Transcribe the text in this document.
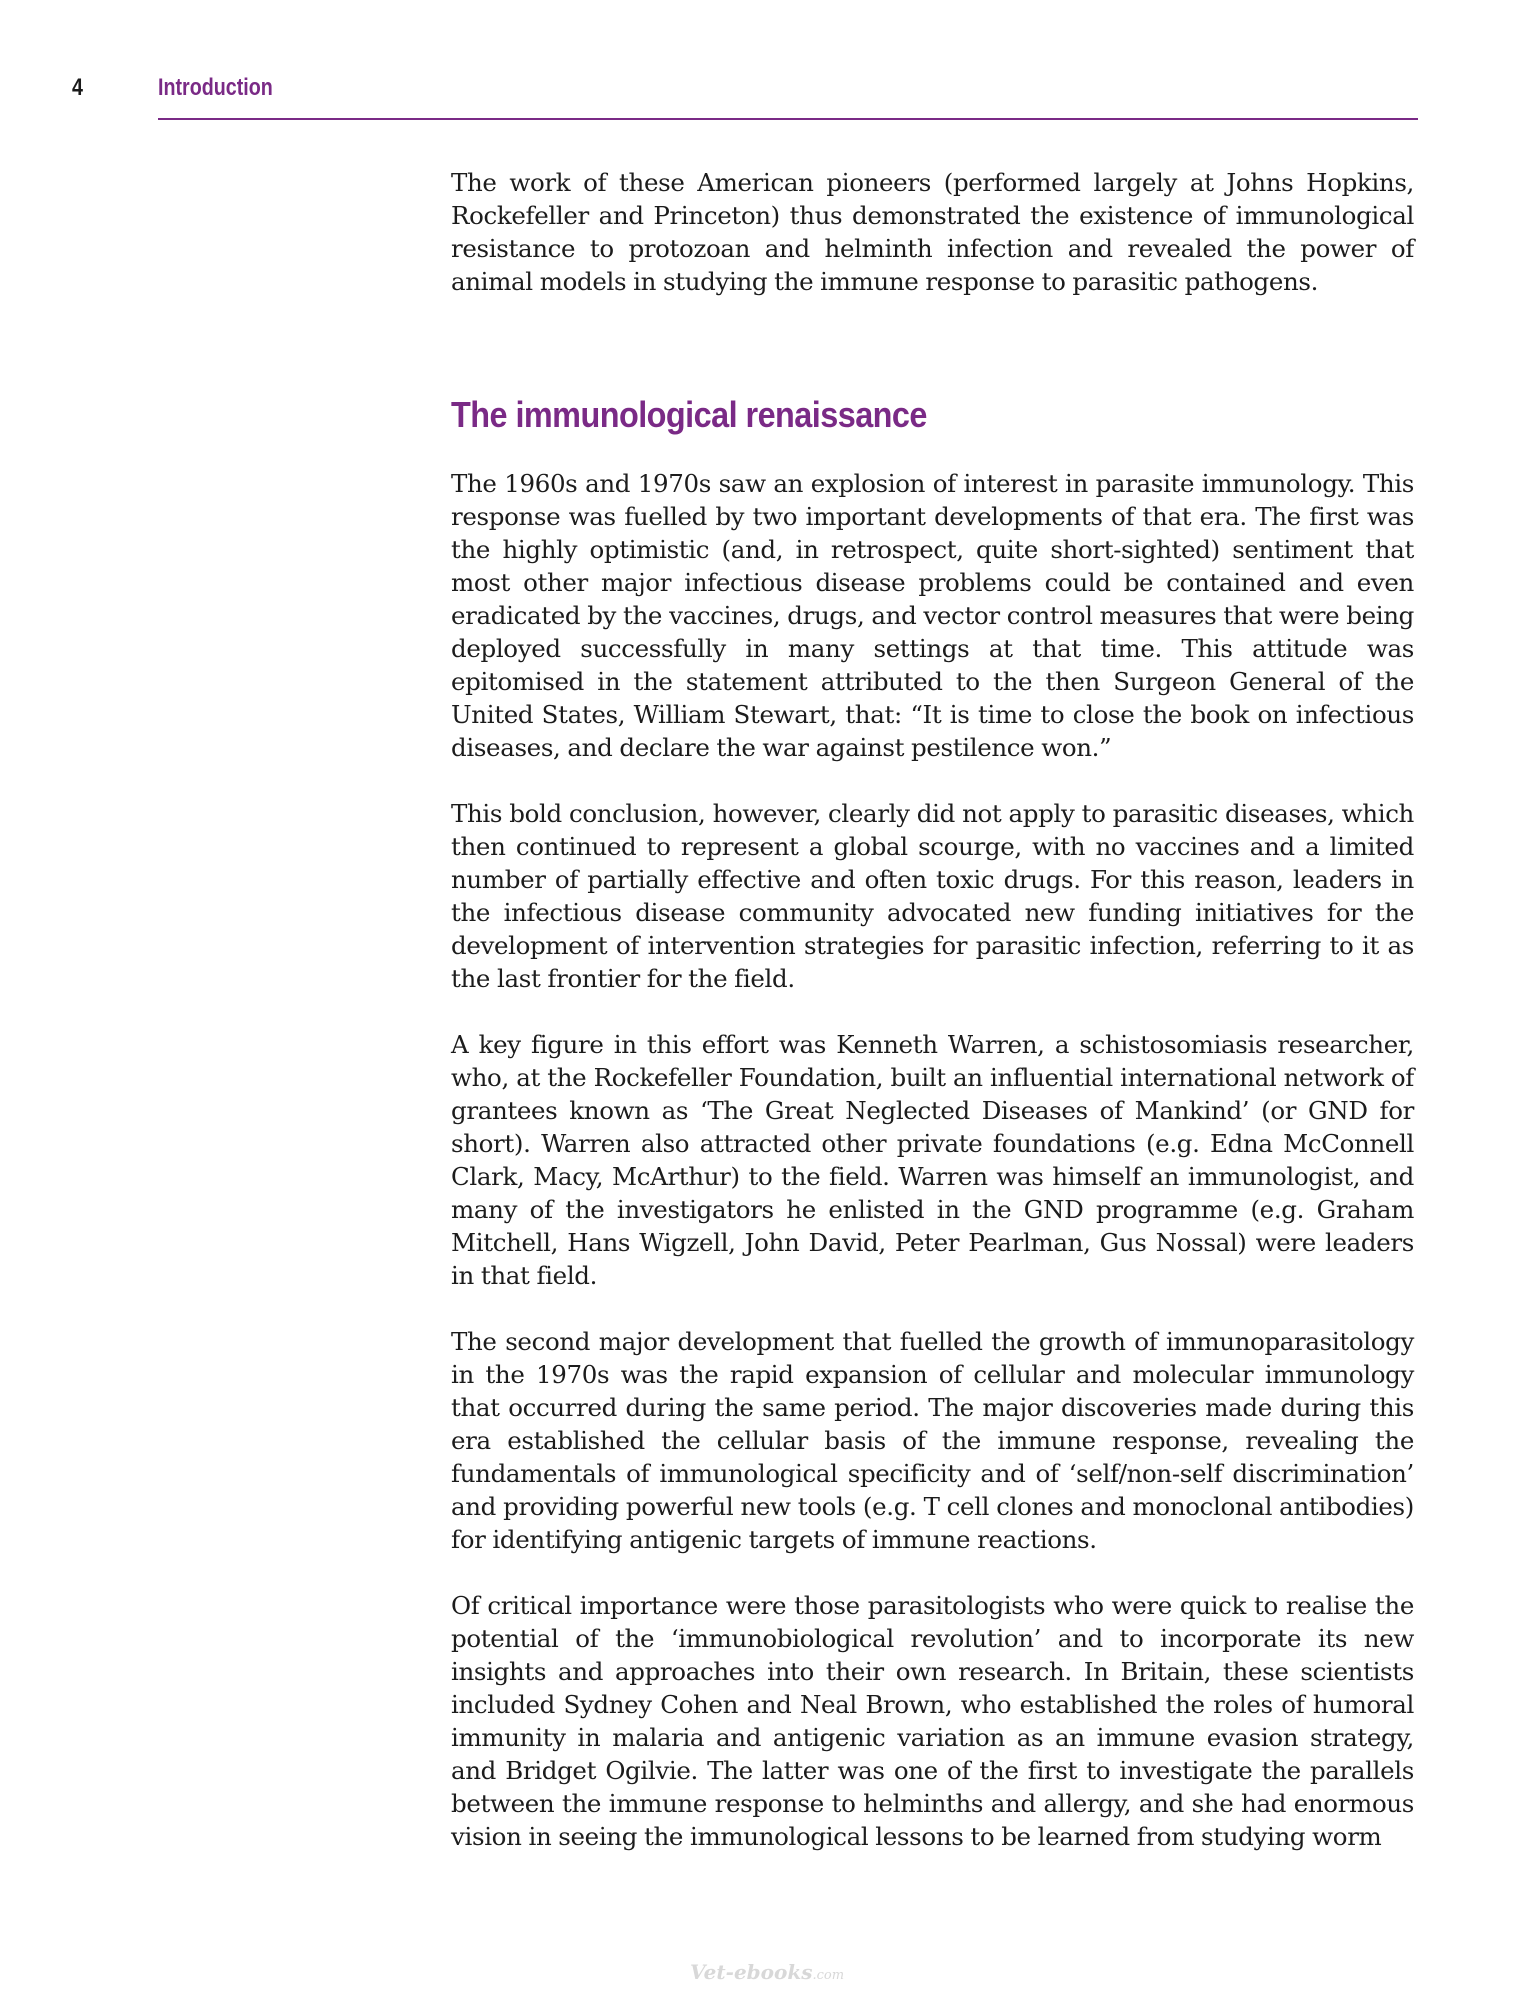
4	Introduction

The work of these American pioneers (performed largely at Johns Hopkins, Rockefeller and Princeton) thus demonstrated the existence of immunological resistance to protozoan and helminth infection and revealed the power of animal models in studying the immune response to parasitic pathogens.

The immunological renaissance

The 1960s and 1970s saw an explosion of interest in parasite immunology. This response was fuelled by two important developments of that era. The first was the highly optimistic (and, in retrospect, quite short-sighted) sentiment that most other major infectious disease problems could be contained and even eradicated by the vaccines, drugs, and vector control measures that were being deployed successfully in many settings at that time. This attitude was epitomised in the statement attributed to the then Surgeon General of the United States, William Stewart, that: “It is time to close the book on infectious diseases, and declare the war against pestilence won.”

This bold conclusion, however, clearly did not apply to parasitic diseases, which then continued to represent a global scourge, with no vaccines and a limited number of partially effective and often toxic drugs. For this reason, leaders in the infectious disease community advocated new funding initiatives for the development of intervention strategies for parasitic infection, referring to it as the last frontier for the field.

A key figure in this effort was Kenneth Warren, a schistosomiasis researcher, who, at the Rockefeller Foundation, built an influential international network of grantees known as ‘The Great Neglected Diseases of Mankind’ (or GND for short). Warren also attracted other private foundations (e.g. Edna McConnell Clark, Macy, McArthur) to the field. Warren was himself an immunologist, and many of the investigators he enlisted in the GND programme (e.g. Graham Mitchell, Hans Wigzell, John David, Peter Pearlman, Gus Nossal) were leaders in that field.

The second major development that fuelled the growth of immunoparasitology in the 1970s was the rapid expansion of cellular and molecular immunology that occurred during the same period. The major discoveries made during this era established the cellular basis of the immune response, revealing the fundamentals of immunological specificity and of ‘self/non-self discrimination’ and providing powerful new tools (e.g. T cell clones and monoclonal antibodies) for identifying antigenic targets of immune reactions.

Of critical importance were those parasitologists who were quick to realise the potential of the ‘immunobiological revolution’ and to incorporate its new insights and approaches into their own research. In Britain, these scientists included Sydney Cohen and Neal Brown, who established the roles of humoral immunity in malaria and antigenic variation as an immune evasion strategy, and Bridget Ogilvie. The latter was one of the first to investigate the parallels between the immune response to helminths and allergy, and she had enormous vision in seeing the immunological lessons to be learned from studying worm

Vet-ebooks.com
